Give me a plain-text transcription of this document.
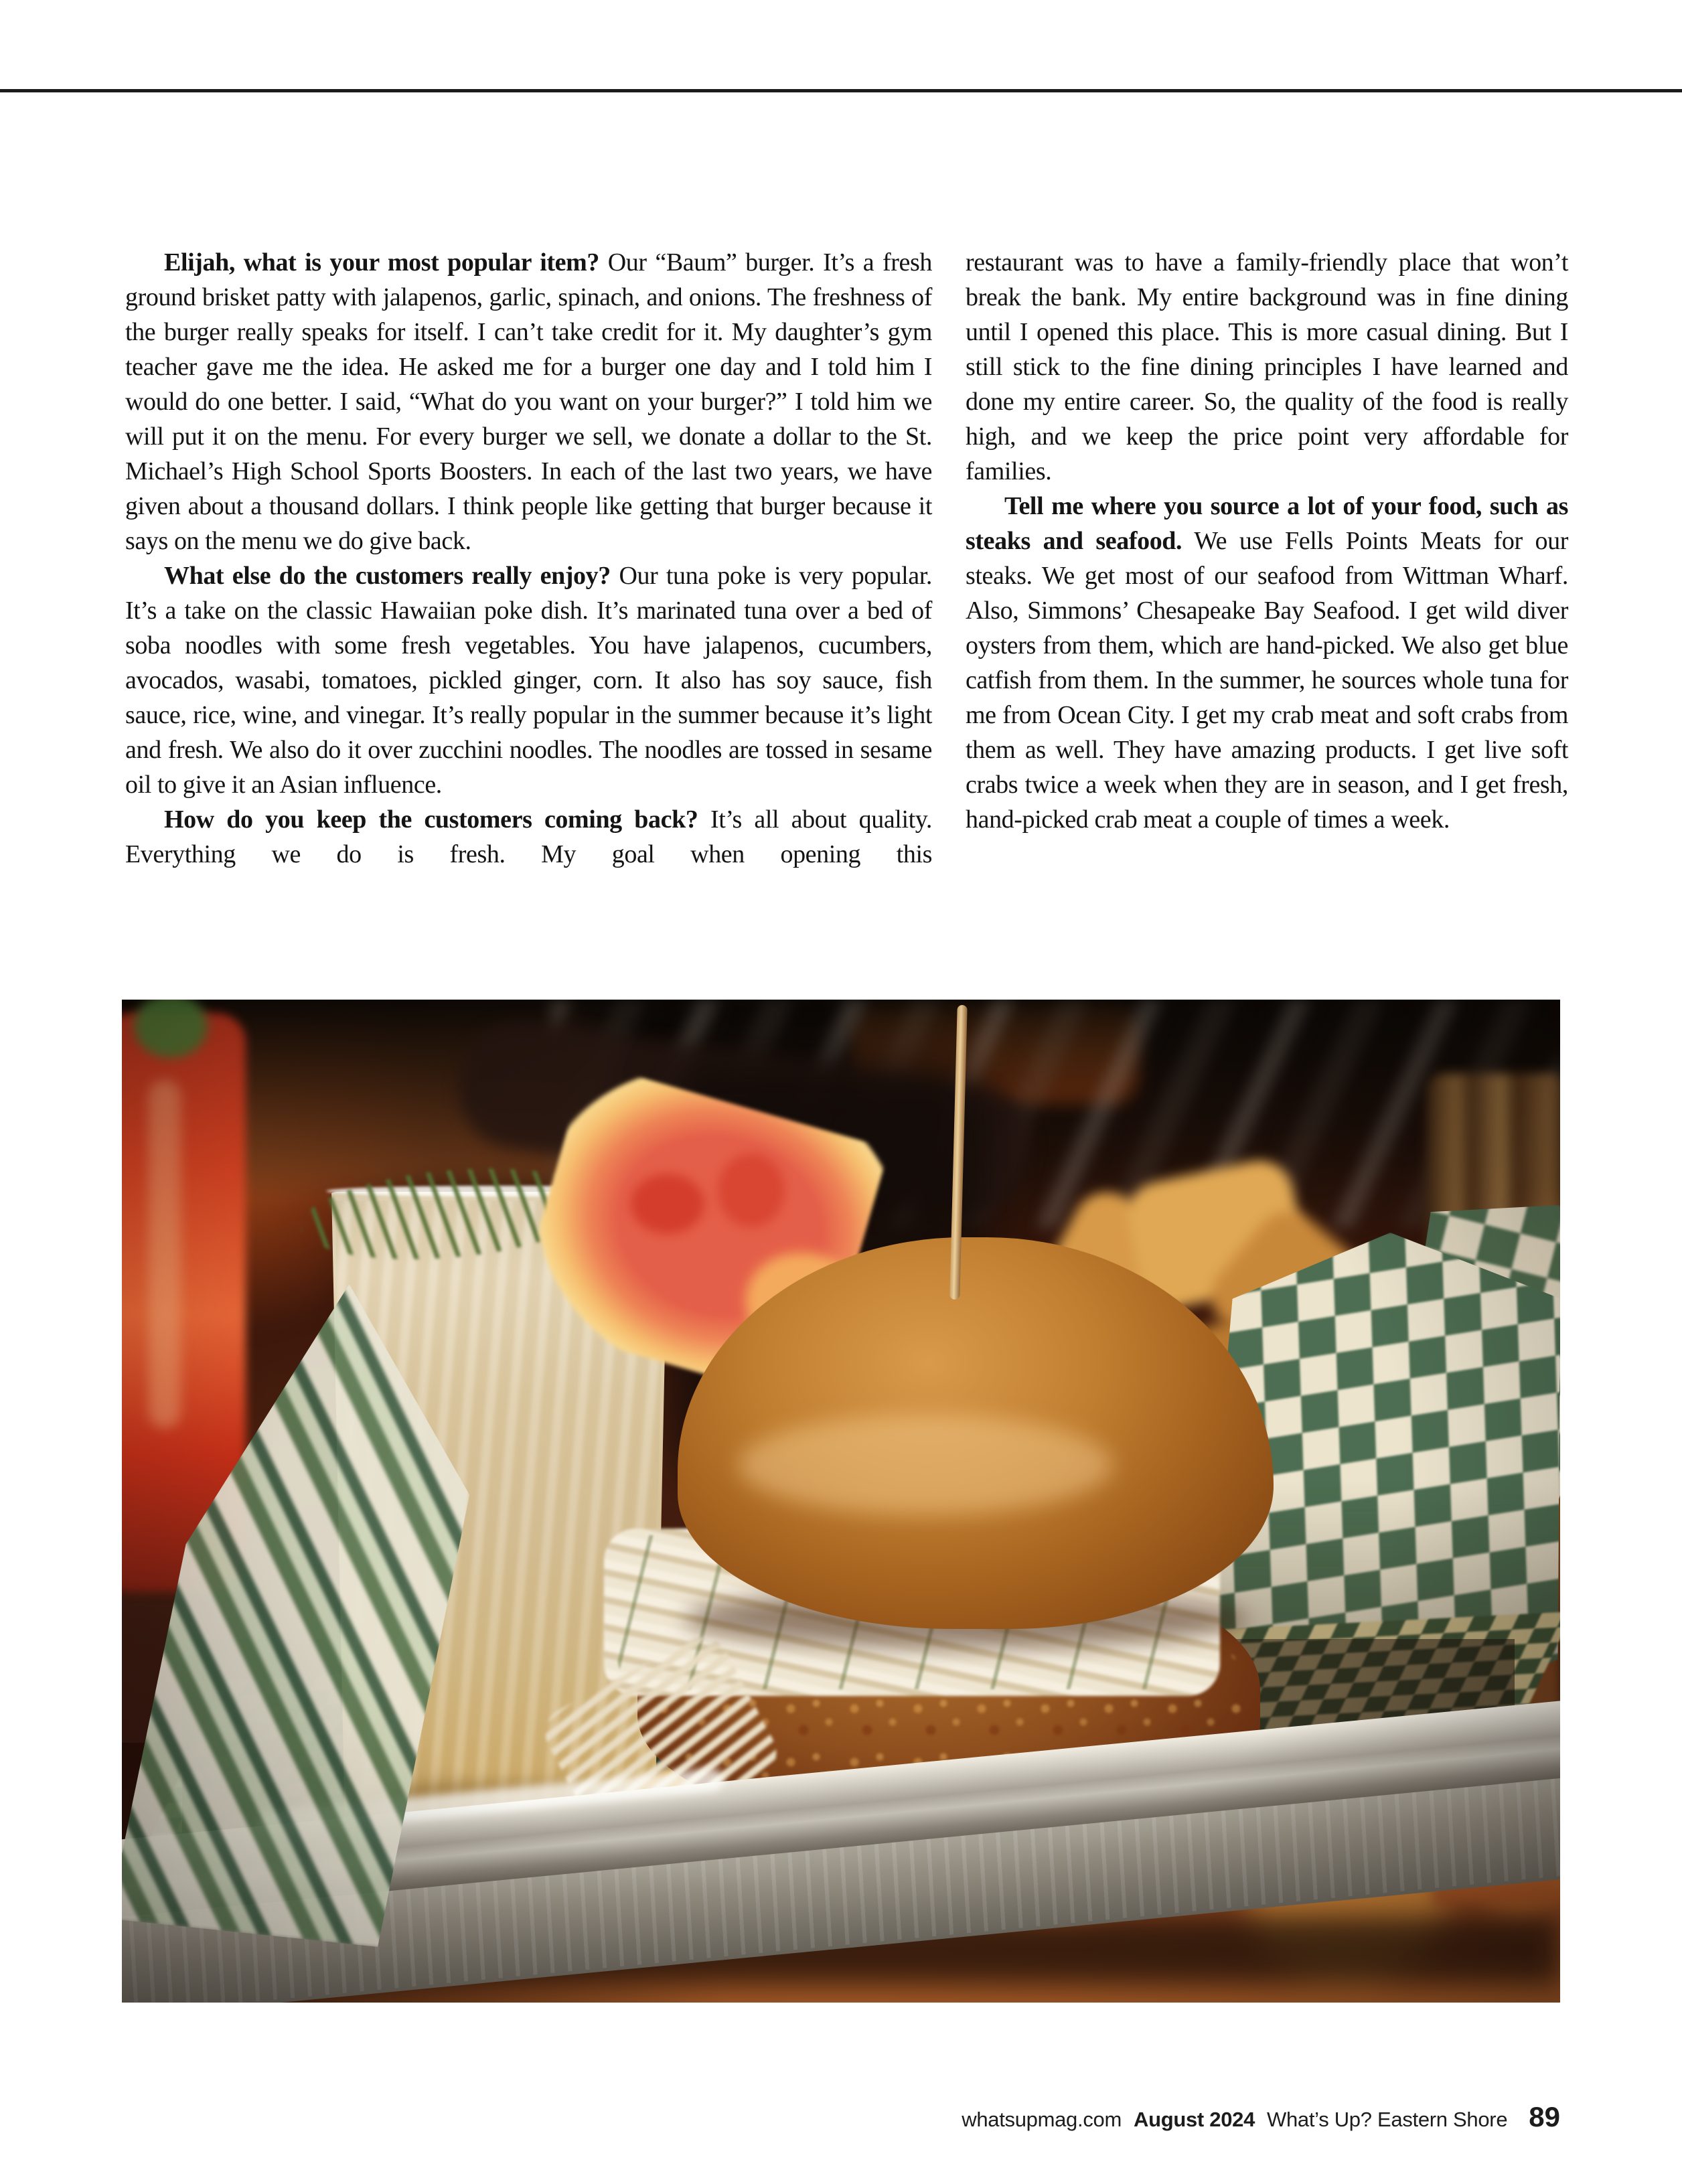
Elijah, what is your most popular item? Our “Baum” burger. It’s a fresh ground brisket patty with jalapenos, garlic, spinach, and onions. The freshness of the burger really speaks for itself. I can’t take credit for it. My daughter’s gym teacher gave me the idea. He asked me for a burger one day and I told him I would do one better. I said, “What do you want on your burger?” I told him we will put it on the menu. For every burger we sell, we donate a dollar to the St. Michael’s High School Sports Boosters. In each of the last two years, we have given about a thousand dollars. I think people like getting that burger because it says on the menu we do give back.

What else do the customers really enjoy? Our tuna poke is very popular. It’s a take on the classic Hawaiian poke dish. It’s marinated tuna over a bed of soba noodles with some fresh vegetables. You have jalapenos, cucumbers, avocados, wasabi, tomatoes, pickled ginger, corn. It also has soy sauce, fish sauce, rice, wine, and vinegar. It’s really popular in the summer because it’s light and fresh. We also do it over zucchini noodles. The noodles are tossed in sesame oil to give it an Asian influence.

How do you keep the customers coming back? It’s all about quality. Everything we do is fresh. My goal when opening this

restaurant was to have a family-friendly place that won’t break the bank. My entire background was in fine dining until I opened this place. This is more casual dining. But I still stick to the fine dining principles I have learned and done my entire career. So, the quality of the food is really high, and we keep the price point very affordable for families.

Tell me where you source a lot of your food, such as steaks and seafood. We use Fells Points Meats for our steaks. We get most of our seafood from Wittman Wharf. Also, Simmons’ Chesapeake Bay Seafood. I get wild diver oysters from them, which are hand-picked. We also get blue catfish from them. In the summer, he sources whole tuna for me from Ocean City. I get my crab meat and soft crabs from them as well. They have amazing products. I get live soft crabs twice a week when they are in season, and I get fresh, hand-picked crab meat a couple of times a week.

whatsupmag.com August 2024 What’s Up? Eastern Shore 89
